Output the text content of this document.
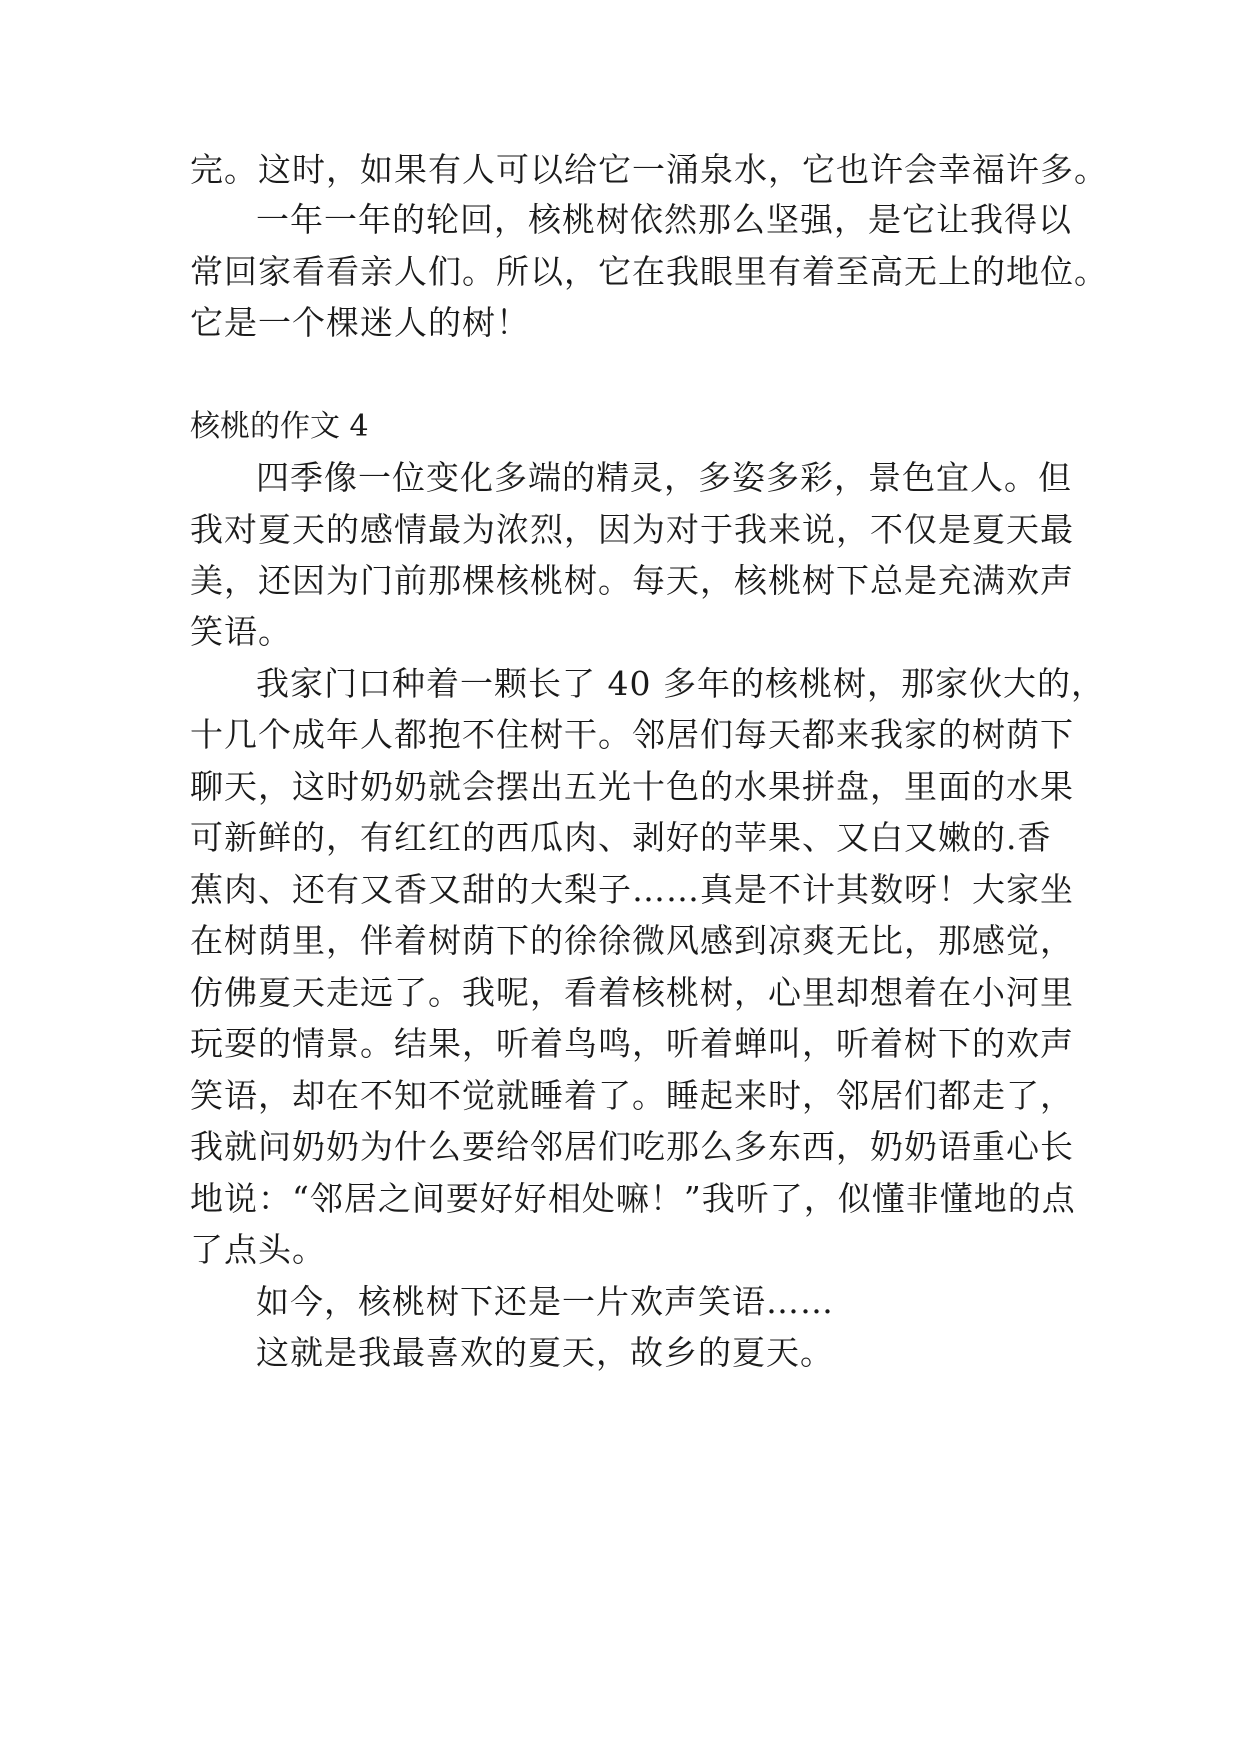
完。这时，如果有人可以给它一涌泉水，它也许会幸福许多。
一年一年的轮回，核桃树依然那么坚强，是它让我得以
常回家看看亲人们。所以，它在我眼里有着至高无上的地位。
它是一个棵迷人的树！
核桃的作文 4
四季像一位变化多端的精灵，多姿多彩，景色宜人。但
我对夏天的感情最为浓烈，因为对于我来说，不仅是夏天最
美，还因为门前那棵核桃树。每天，核桃树下总是充满欢声
笑语。
我家门口种着一颗长了 40 多年的核桃树，那家伙大的，
十几个成年人都抱不住树干。邻居们每天都来我家的树荫下
聊天，这时奶奶就会摆出五光十色的水果拼盘，里面的水果
可新鲜的，有红红的西瓜肉、剥好的苹果、又白又嫩的.香
蕉肉、还有又香又甜的大梨子……真是不计其数呀！大家坐
在树荫里，伴着树荫下的徐徐微风感到凉爽无比，那感觉，
仿佛夏天走远了。我呢，看着核桃树，心里却想着在小河里
玩耍的情景。结果，听着鸟鸣，听着蝉叫，听着树下的欢声
笑语，却在不知不觉就睡着了。睡起来时，邻居们都走了，
我就问奶奶为什么要给邻居们吃那么多东西，奶奶语重心长
地说：“邻居之间要好好相处嘛！”我听了，似懂非懂地的点
了点头。
如今，核桃树下还是一片欢声笑语……
这就是我最喜欢的夏天，故乡的夏天。
